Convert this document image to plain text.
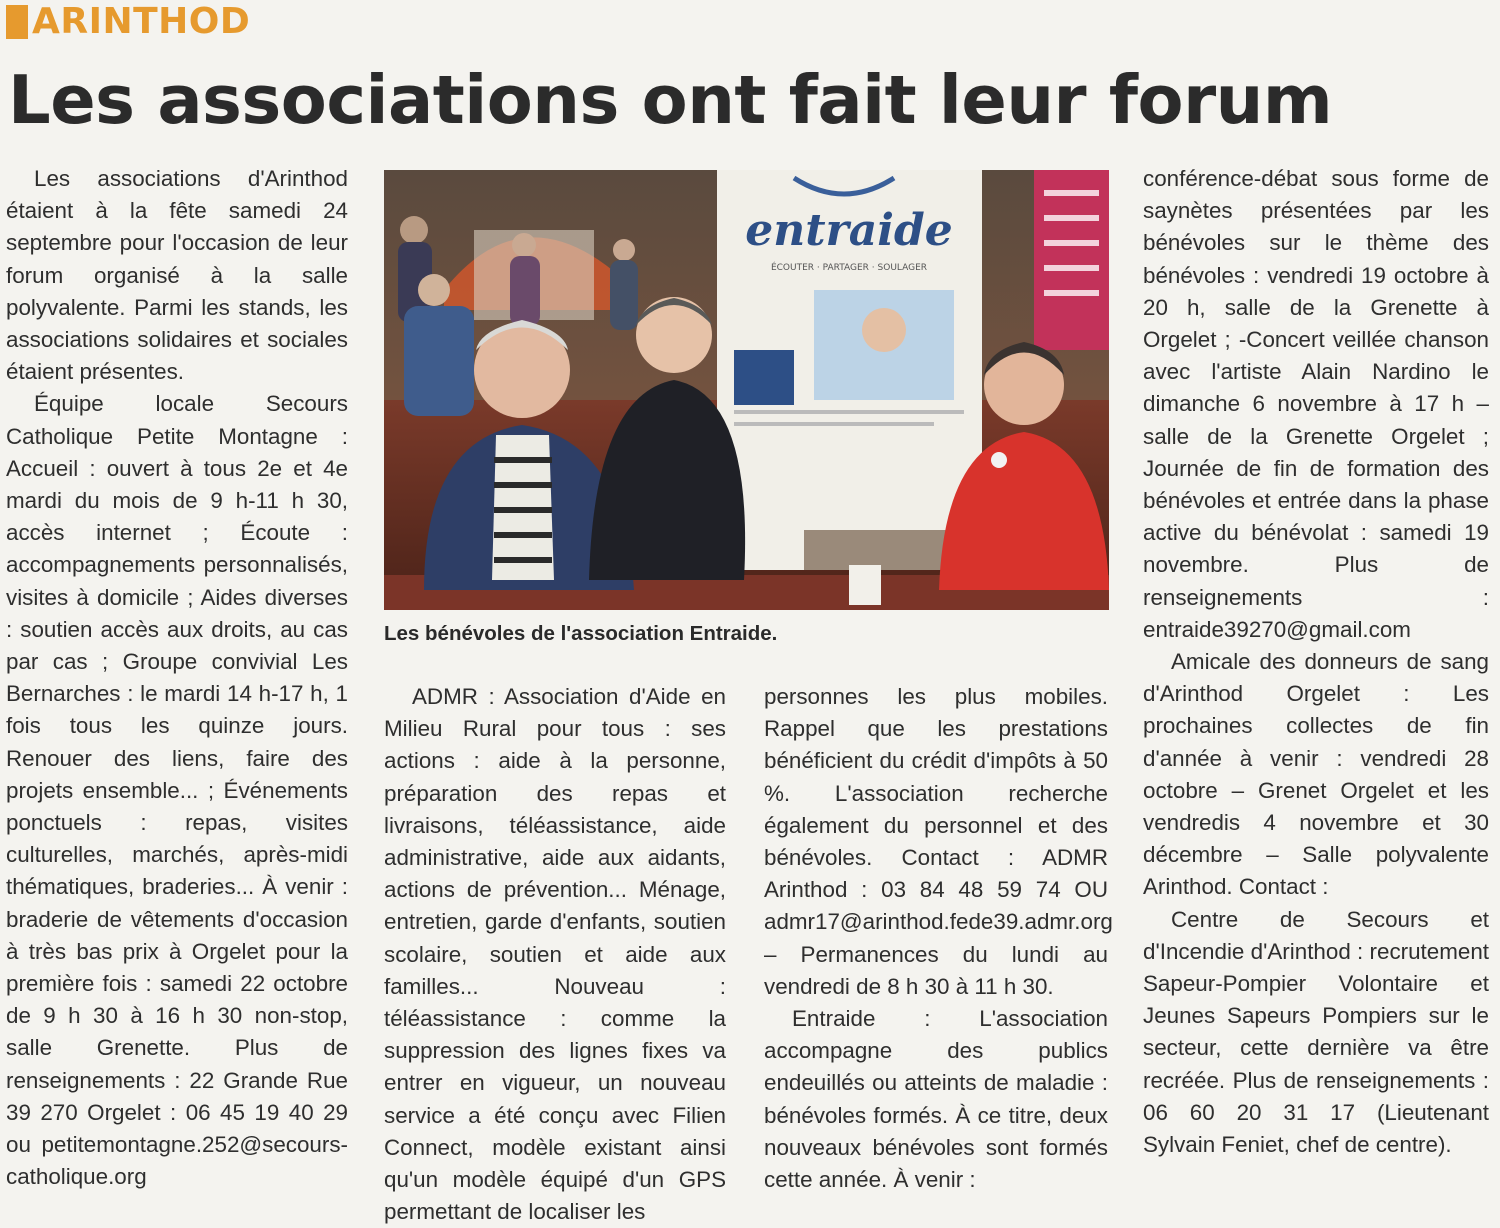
ARINTHOD
Les associations ont fait leur forum

Les associations d'Arinthod étaient à la fête samedi 24 septembre pour l'occasion de leur forum organisé à la salle polyvalente. Parmi les stands, les associations solidaires et sociales étaient présentes.

Équipe locale Secours Catholique Petite Montagne : Accueil : ouvert à tous 2e et 4e mardi du mois de 9 h-11 h 30, accès internet ; Écoute : accompagnements personnalisés, visites à domicile ; Aides diverses : soutien accès aux droits, au cas par cas ; Groupe convivial Les Bernarches : le mardi 14 h-17 h, 1 fois tous les quinze jours. Renouer des liens, faire des projets ensemble... ; Événements ponctuels : repas, visites culturelles, marchés, après-midi thématiques, braderies... À venir : braderie de vêtements d'occasion à très bas prix à Orgelet pour la première fois : samedi 22 octobre de 9 h 30 à 16 h 30 non-stop, salle Grenette. Plus de renseignements : 22 Grande Rue 39 270 Orgelet : 06 45 19 40 29 ou petitemontagne.252@secours-catholique.org

entraide
ÉCOUTER · PARTAGER · SOULAGER
Les bénévoles de l'association Entraide.

ADMR : Association d'Aide en Milieu Rural pour tous : ses actions : aide à la personne, préparation des repas et livraisons, téléassistance, aide administrative, aide aux aidants, actions de prévention... Ménage, entretien, garde d'enfants, soutien scolaire, soutien et aide aux familles... Nouveau : téléassistance : comme la suppression des lignes fixes va entrer en vigueur, un nouveau service a été conçu avec Filien Connect, modèle existant ainsi qu'un modèle équipé d'un GPS permettant de localiser les

personnes les plus mobiles. Rappel que les prestations bénéficient du crédit d'impôts à 50 %. L'association recherche également du personnel et des bénévoles. Contact : ADMR Arinthod : 03 84 48 59 74 OU admr17@arinthod.fede39.admr.org – Permanences du lundi au vendredi de 8 h 30 à 11 h 30.

Entraide : L'association accompagne des publics endeuillés ou atteints de maladie : bénévoles formés. À ce titre, deux nouveaux bénévoles sont formés cette année. À venir :

conférence-débat sous forme de saynètes présentées par les bénévoles sur le thème des bénévoles : vendredi 19 octobre à 20 h, salle de la Grenette à Orgelet ; -Concert veillée chanson avec l'artiste Alain Nardino le dimanche 6 novembre à 17 h – salle de la Grenette Orgelet ; Journée de fin de formation des bénévoles et entrée dans la phase active du bénévolat : samedi 19 novembre. Plus de renseignements : entraide39270@gmail.com

Amicale des donneurs de sang d'Arinthod Orgelet : Les prochaines collectes de fin d'année à venir : vendredi 28 octobre – Grenet Orgelet et les vendredis 4 novembre et 30 décembre – Salle polyvalente Arinthod. Contact :

Centre de Secours et d'Incendie d'Arinthod : recrutement Sapeur-Pompier Volontaire et Jeunes Sapeurs Pompiers sur le secteur, cette dernière va être recréée. Plus de renseignements : 06 60 20 31 17 (Lieutenant Sylvain Feniet, chef de centre).
